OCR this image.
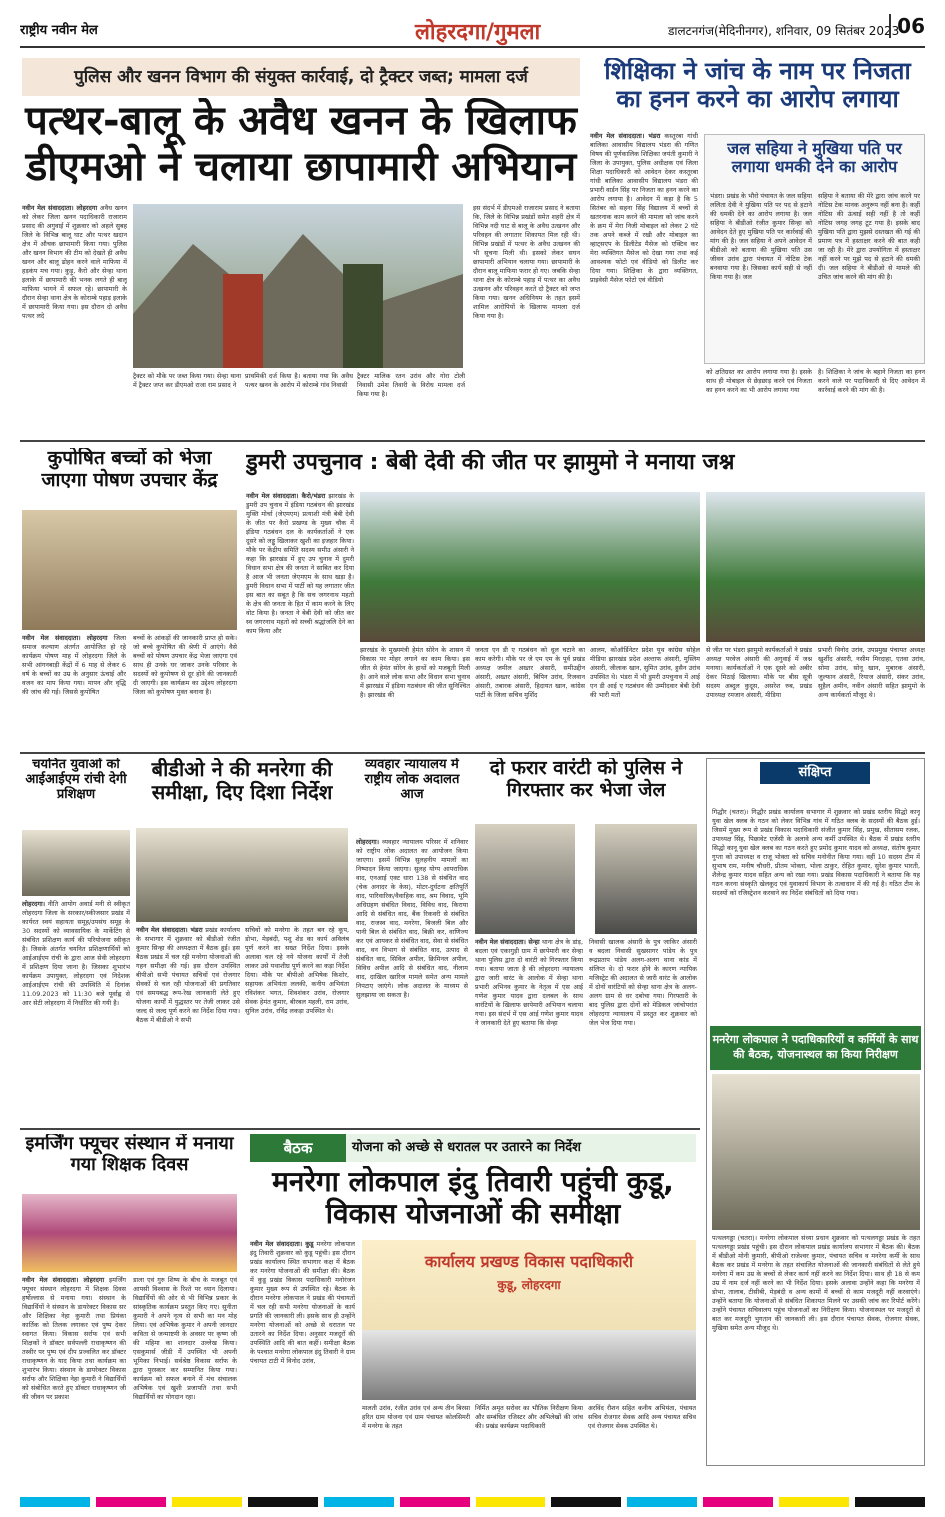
राष्ट्रीय नवीन मेल	लोहरदगा/गुमला	डालटनगंज(मेदिनीनगर), शनिवार, 09 सितंबर 2023
06
पुलिस और खनन विभाग की संयुक्त कार्रवाई, दो ट्रैक्टर जब्त; मामला दर्ज
पत्थर-बालू के अवैध खनन के खिलाफ डीएमओ ने चलाया छापामारी अभियान
नवीन मेल संवाददाता। लोहरदगा अवैध खनन को लेकर जिला खनन पदाधिकारी राजाराम प्रसाद की अगुवाई में शुक्रवार को अहले सुबह जिले के विभिन्न बालू घाट और पत्थर खदान क्षेत्र में औचक छापामारी किया गया। पुलिस और खनन विभाग की टीम को देखते ही अवैध खनन और बालू ढोहन करने वाले माफिया में हड़कंप मच गया। कुड़ू, कैरो और सेन्हा थाना इलाके में छापामारी की भनक लगते ही बालू माफिया भागने में सफल रहे। छापामारी के दौरान सेन्हा थाना क्षेत्र के कोराम्बे पहाड़ इलाके में छापामारी किया गया। इस दौरान दो अवैध पत्थर लदे
ट्रैक्टर को मौके पर जब्त किया गया। सेन्हा थाना में ट्रैक्टर जप्त कर डीएमओ राजा राम प्रसाद ने
प्राथमिकी दर्ज किया है। बताया गया कि अवैध पत्थर खनन के आरोप में कोराम्बे गांव निवासी
ट्रैक्टर मालिक रतन उरांव और गोरा टोली निवासी उमेश तिवारी के विरोध मामला दर्ज किया गया है।
इस संदर्भ में डीएमओ राजाराम प्रसाद ने बताया कि, जिले के विभिन्न प्रखंडों समेत शहरी क्षेत्र में विभिन्न नदी घाट से बालू के अवैध उत्खनन और परिवहन की लगातार शिकायत मिल रही थी। विभिन्न प्रखंडों में पत्थर के अवैध उत्खनन की भी सूचना मिली थी। इसको लेकर सघन छापामारी अभियान चलाया गया। छापामारी के दौरान बालू माफिया फरार हो गए। जबकि सेन्हा थाना क्षेत्र के कोराम्बे पहाड़ में पत्थर का अवैध उत्खनन और परिवहन करते दो ट्रैक्टर को जप्त किया गया। खनन अधिनियम के तहत इसमें शामिल आरोपियों के खिलाफ मामला दर्ज किया गया है।
शिक्षिका ने जांच के नाम पर निजता का हनन करने का आरोप लगाया
नवीन मेल संवाददाता। भंडरा कस्तूरबा गांधी बालिका आवासीय विद्यालय भंडरा की गणित विषय की पूर्णकालिक शिक्षिका जयंती कुमारी ने जिला के उपायुक्त, पुलिस अधीक्षक एवं जिला शिक्षा पदाधिकारी को आवेदन देकर कस्तूरबा गांधी बालिका आवासीय विद्यालय भंडरा की प्रभारी वार्डन सिंह पर निजता का हनन करने का आरोप लगाया है। आवेदन में कहा है कि 5 सितंबर को सहना सिंह विद्यालय में बच्चों से खतरनाक काम करने की मामला को जांच करने के क्रम में मेरा निजी मोबाइल को लेकर 2 घंटे तक अपने कब्जे में रखी और मोबाइल का व्हाट्सएप के डिलीटेड मैसेज को एक्टिव कर मेरा व्यक्तिगत मैसेज को देखा गया तथा कई आवश्यक फोटो एवं वीडियो को डिलीट कर दिया गया। शिक्षिका के द्वारा व्यक्तिगत, प्राइवेसी मैसेज फोटो एवं वीडियो
को क्षतिग्रस्त का आरोप लगाया गया है। इसके साथ ही मोबाइल से छेड़छाड़ करने एवं निजता का हनन करने का भी आरोप लगाया गया
है। शिक्षिका ने जांच के बहाने निजता का हनन करने वाले पर पदाधिकारी से दिए आवेदन में कार्रवाई करने की मांग की है।
जल सहिया ने मुखिया पति पर लगाया धमकी देने का आरोप
भंडरा। प्रखंड के भौरो पंचायत के जल सहिया ललिता देवी ने मुखिया पति पर पद से हटाने की धमकी देने का आरोप लगाया है। जल सहिया ने बीडीओ रंजीत कुमार सिन्हा को आवेदन देते हुए मुखिया पति पर कार्रवाई की मांग की है। जल सहिया ने अपने आवेदन में बीडीओ को बताया की मुखिया पति उस जीवन उरांव द्वारा पंचायत में नोटिस टेक बनवाया गया है। जिसका कार्य सही से नहीं किया गया है। जल
सहिया ने बताया की मेरे द्वारा जांच करने पर नोटिस टेक मानक अनुरूप नहीं बना है। कहीं नोटिस की ऊंचाई सही नहीं है तो कहीं नोटिस जगह जगह टूट गया है। इसके बाद मुखिया पति द्वारा मुझसे दस्तखत की गई की प्रमाण पत्र में हस्ताक्षर करने की बात कही जा रही है। मेरे द्वारा उपयोगिता में हस्ताक्षर नहीं करने पर मुझे पद से हटाने की धमकी दी। जल सहिया ने बीडीओ से मामले की उचित जांच करने की मांग की है।
कुपोषित बच्चों को भेजा जाएगा पोषण उपचार केंद्र
नवीन मेल संवाददाता। लोहरदगा जिला समाज कल्याण अंतर्गत आयोजित हो रहे कार्यक्रम पोषण माह में लोहरदगा जिले के सभी आंगनबाड़ी केंद्रों में 6 माह से लेकर 6 वर्ष के बच्चों का उम्र के अनुसार ऊंचाई और वजन का माप किया गया। मापन और वृद्धि की जांच की गई। जिससे कुपोषित
बच्चों के आंकड़ों की जानकारी प्राप्त हो सके। जो बच्चे कुपोषित की श्रेणी में आएंगे। वैसे बच्चों को पोषण उपचार केंद्र भेजा जाएगा एवं साथ ही उनके घर जाकर उनके परिवार के सदस्यों को कुपोषण से दूर होने की जानकारी दी जाएगी। इस कार्यक्रम का उद्देश्य लोहरदगा जिला को कुपोषण मुक्त बनाना है।
डुमरी उपचुनाव : बेबी देवी की जीत पर झामुमो ने मनाया जश्न
नवीन मेल संवाददाता। कैरो/भंडरा झारखंड के डुमरी उप चुनाव में इंडिया गठबंधन की झारखंड मुक्ति मोर्चा (जेएमएम) प्रत्याशी मंत्री बेबी देवी के जीत पर कैरो प्रखण्ड के मुख्य चौक में इंडिया गठबंधन दल के कार्यकर्ताओं ने एक दूसरे को लड्डू खिलाकर खुशी का इजहार किया। मौके पर केंद्रीय समिति सदस्य समीउ अंसारी ने कहा कि झारखंड में हुए उप चुनाव में दुमरी विधान सभा क्षेत्र की जनता ने साबित कर दिया है आज भी जनता जेएमएम के साथ खड़ा है। डुमरी विधान सभा में पार्टी को यह लगातार जीत इस बात का सबूत है कि सच जगरनाथ महतो के क्षेत्र की जनता के हित में काम करने के लिए वोट किया है। जनता ने बेबी देवी को जीत कर स्व जगरनाथ महतो को सच्ची श्रद्धांजलि देने का काम किया और
झारखंड के मुख्यमंत्री हेमंत सोरेन के शासन में विकास पर मोहर लगाने का काम किया। इस जीत से हेमंत सोरेन के हाथों को मजबूती मिली है। आने वाले लोक सभा और विधान सभा चुनाव में झारखंड में इंडिया गठबंधन की जीत सुनिश्चित है। झारखंड की
जनता एन डी ए गठबंधन को धूल चटाने का काम करेगी। मौके पर जे एम एम के पूर्व प्रखंड अध्यक्ष जमील अख्तर अंसारी, समीउद्दीन अंसारी, अख्तर अंसारी, बिपिन उरांव, रिजवान अंसारी, तबारक अंसारी, हिदायत खान, कांग्रेस पार्टी के जिला सचिव मुर्शिद
आलम, कोऑर्डिनेटर प्रदेश यूथ कांग्रेस सोहेल मीडिया झारखंड प्रदेश अल्ताफ अंसारी, मुस्लिम अंसारी, जीलाक खान, सुमित उरांव, हुसैन उरांव उपस्थित थे। भंडरा में भी डुमरी उपचुनाव में आई एन डी आई ए गठबंधन की उम्मीदवार बेबी देवी की भारी मतों
से जीत पर भंडरा झामुमो कार्यकर्ताओं ने प्रखंड अध्यक्ष परवेज अंसारी की अगुवाई में जश्न मनाया। कार्यकर्ताओं ने एक दूसरे को अबीर देकर मिठाई खिलाया। मौके पर बीस सूत्री सदस्य अब्दुल कुदूस, असरेश रुब, प्रखंड उपाध्यक्ष रमजान अंसारी, मीडिया
प्रभारी विनोद उरांव, उपप्रमुख पंचायत अध्यक्ष खुर्शीद अंसारी, नसीम मिरदाहा, एतवा उरांव, सोमा उरांव, सोनू खान, मुबारक अंसारी, जुल्फान अंसारी, रियाज अंसारी, संकर उरांव, सुहैल अमीन, नवीन अंसारी सहित झामुमो के अन्य कार्यकर्ता मौजूद थे।
चयनित युवाओं को आईआईएम रांची देगी प्रशिक्षण
लोहरदगा। नीति आयोग अवार्ड मनी से स्वीकृत लोहरदगा जिला के सरकार/स्कीजसार प्रखंड में कार्यरत स्वयं सहायता समूह/उपसंघ समूह के 30 सदस्यों को व्यावसायिक के मार्केटिंग से संबंधित प्रशिक्षण कार्य की परियोजना स्वीकृत है। जिसके अंतर्गत चयनित प्रशिक्षणार्थियों को आईआईएम रांची के द्वारा आज सेवी लोहरदगा में प्रशिक्षण दिया जाना है। जिसका शुभारंभ कार्यक्रम उपायुक्त, लोहरदगा एवं निदेशक आईआईएम रांची की उपस्थिति में दिनांक 11.09.2023 को 11:30 बजे पूर्वाह्न से आर सेटी लोहरदगा में निर्धारित की गयी है।
बीडीओ ने की मनरेगा की समीक्षा, दिए दिशा निर्देश
नवीन मेल संवाददाता। भंडरा प्रखंड कार्यालय के सभागार में शुक्रवार को बीडीओ रंजीत कुमार सिन्हा की अध्यक्षता में बैठक हुई। इस बैठक प्रखंड में चल रही मनरेगा योजनाओं की गहन समीक्षा की गई। इस दौरान उपस्थित बीपीओ सभी पंचायत सचिवों एवं रोजगार सेवकों से चल रही योजनाओं की प्रगतिवार एवं समयबद्ध रूप-रेख जानकारी लेते हुए योजना कार्यों में युद्धस्तर पर तेजी लाकर उसे जल्द से जल्द पूर्ण करने का निर्देश दिया गया। बैठक में बीडीओ ने सभी
सचिवों को मनरेगा के तहत बन रहे कूप, डोभा, मेड़बंदी, पशु शेड का कार्य अविलंब पूर्ण करने का सख्त निर्देश दिया। इसके अलावा चल रहे नये योजना कार्यों में तेजी लाकर उसे यथाशीघ्र पूर्ण करने का कड़ा निर्देश दिया। मौके पर बीपीओ अभिषेक किशोर, सहायक अभियंता ललकी, कनीय अभियंता रविशंकर भगत, शिवशंकर उरांव, रोजगार सेवक हेमंत कुमार, बीरबल महली, राम उरांव, सुनिल उरांव, रविंद्र लकड़ा उपस्थित थे।
व्यवहार न्यायालय में राष्ट्रीय लोक अदालत आज
लोहरदगा। व्यवहार न्यायालय परिसर में शनिवार को राष्ट्रीय लोक अदालत का आयोजन किया जाएगा। इसमें विभिन्न सुलहनीय मामलों का निष्पादन किया जाएगा। सुलह योग्य आपराधिक वाद, एनआई एक्ट धारा 138 से संबंधित वाद (चेक अनादर के केस), मोटर-दुर्घटना क्षतिपूर्ति वाद, पारिवारिक/वैवाहिक वाद, श्रम विवाद, भूमि अधिग्रहण संबंधित विवाद, विविध वाद, किराया आदि से संबंधित वाद, बैंक रिकवरी से संबंधित वाद, राजस्व वाद, मनरेगा, बिजली बिल और पानी बिल से संबंधित वाद, बिक्री कर, वाणिज्य कर एवं आयकर से संबंधित वाद, सेवा से संबंधित वाद, वन विभाग से संबंधित वाद, उत्पाद से संबंधित वाद, सिविल अपील, क्रिमिनल अपील, विविध अपील आदि से संबंधित वाद, नीलाम वाद, दाखिल खारिज मामले समेत अन्य मामले निपटाए जाएंगे। लोक अदालत के माध्यम से सुलझाया जा सकता है।
दो फरार वारंटी को पुलिस ने गिरफ्तार कर भेजा जेल
नवीन मेल संवाददाता। सेन्हा थाना क्षेत्र के डांड़, बदला एवं एकागुड़ी ग्राम में छापेमारी कर सेन्हा थाना पुलिस द्वारा दो वारंटी को गिरफ्तार किया गया। बताया जाता है की लोहरदगा न्यायालय द्वारा जारी वारंट के आलोक में सेन्हा थाना प्रभारी अभिनव कुमार के नेतृत्व में एस आई गणेश कुमार यादव द्वारा दलबल के साथ वारंटियों के खिलाफ छापेमारी अभियान चलाया गया। इस संदर्भ में एस आई गणेश कुमार यादव ने जानकारी देते हुए बताया कि सेन्हा
निवासी खालक अंसारी के पुत्र जाकिर अंसारी व बदला निवासी सुखसागर पांडेय के पुत्र रूद्रप्रताप पांडेय अलग-अलग थाना कांड में संलिप्त थे। दो फरार होने के कारण न्यायिक मजिस्ट्रेट की अदालत से जारी वारंट के आलोक में दोनों वारंटियों को सेन्हा थाना क्षेत्र के अलग-अलग ग्राम से धर दबोचा गया। गिरफ्तारी के बाद पुलिस द्वारा दोनों को मेडिकल जांचोपरांत लोहरदगा न्यायालय में प्रस्तुत कर शुक्रवार को जेल भेज दिया गया।
संक्षिप्त
गिद्धौर (चतरा)। गिद्धौर प्रखंड कार्यालय सभागार में शुक्रवार को प्रखंड स्तरीय सिद्धो कानू युवा खेल क्लब के गठन को लेकर विभिन्न गांव में गठित क्लब के सदस्यों की बैठक हुई। जिसमें मुख्य रूप से प्रखंड विकास पदाधिकारी संजीत कुमार सिंह, प्रमुख, सीतासम रजक, उपाध्यक्ष सिंह, पिछावेट एजेंसी के अलावे अन्य कर्मी उपस्थित थे। बैठक में प्रखंड स्तरीय सिद्धो कानू युवा खेल क्लब का गठन करते हुए प्रमोद कुमार यादव को अध्यक्ष, संतोष कुमार गुप्ता को उपाध्यक्ष व राजू भोक्ता को सचिव मनोनीत किया गया। वहीं 10 सदस्य टीम में सुभाष राम, मनीष चौधरी, प्रीतम भोक्ता, भोला ठाकुर, रोहित कुमार, सुरेश कुमार भारती, शैलेन्द्र कुमार यादव सहित अन्य को रखा गया। प्रखंड विकास पदाधिकारी ने बताया कि यह गठन करना संस्कृति खेलकूद एवं युवाकार्य विभाग के तत्वाधान में की गई है। गठित टीम के सदस्यों को रजिस्ट्रेशन करवाने का निर्देश संबंधितों को दिया गया।
मनरेगा लोकपाल ने पदाधिकारियों व कर्मियों के साथ की बैठक, योजनास्थल का किया निरीक्षण
पत्थलगड्डा (चतरा)। मनरेगा लोकपाल संध्या प्रधान शुक्रवार को पत्थलगड्डा प्रखंड के तहत पत्थलगड्डा प्रखंड पहुंची। इस दौरान लोकपाल प्रखंड कार्यालय सभागार में बैठक की। बैठक में बीडीओ मोनी कुमारी, बीपीओ राजेश्वर कुमार, पंचायत सचिव व मनरेगा कर्मी के साथ बैठक कर प्रखंड में मनरेगा के तहत संचालित योजनाओं की जानकारी संबंधितों से लेते हुये मनरेगा में कम उम्र के बच्चों से लेकर कार्य नहीं करने का निर्देश दिया। साथ ही 18 से कम उम्र में नाम दर्ज नहीं करने का भी निर्देश दिया। इसके अलावा उन्होंने कहा कि मनरेगा में डोभा, तालाब, टीसीबी, मेड़बंदी व अन्य कामों में बच्चों से काम मजदूरी नहीं करवाएंगे। उन्होंने बताया कि योजनाओं से संबंधित शिकायत मिलने पर उसकी जांच कर रिपोर्ट करेंगे। उन्होंने पंचायत सचिवालय पहुंच योजनाओं का निरीक्षण किया। योजनास्थल पर मजदूरों से बात कर मजदूरी भुगतान की जानकारी ली। इस दौरान पंचायत सेवक, रोजगार सेवक, मुखिया समेत अन्य मौजूद थे।
इमर्जिंग फ्यूचर संस्थान में मनाया गया शिक्षक दिवस
नवीन मेल संवाददाता। लोहरदगा इमर्जिंग फ्यूचर संस्थान लोहरदगा में शिक्षक दिवस हर्षोल्लास से मनाया गया। संस्थान के विद्यार्थियों ने संस्थान के डायरेक्टर विकास सर और शिक्षिका नेहा कुमारी तथा प्रियंका कार्तिक को तिलक लगाकर एवं पुष्प देकर स्वागत किया। विकास सर्राफ एवं सभी शिक्षकों ने डॉक्टर सर्वपल्ली राधाकृष्णन की तस्वीर पर पुष्प एवं दीप प्रज्वलित कर डॉक्टर राधाकृष्णन के याद किया तथा कार्यक्रम का शुभारंभ किया। संस्थान के डायरेक्टर विकास सर्राफ और शिक्षिका नेहा कुमारी ने विद्यार्थियों को संबोधित करते हुए डॉक्टर राधाकृष्णन जी की जीवन पर प्रकाश
डाला एवं गुरु शिष्य के बीच के मजबूत एवं आपसी विश्वास के रिश्ते पर ध्यान दिलाया। विद्यार्थियों की ओर से भी विभिन्न प्रकार के सांस्कृतिक कार्यक्रम प्रस्तुत किए गए। सुनीता कुमारी ने अपने नृत्य से सभी का मन मोह लिया। एवं अभिषेक कुमार ने अपनी जानदार कविता से जन्माष्टमी के अवसर पर कृष्ण जी की महिमा का शानदार उल्लेख किया। एसकुमार्स जीडी मेें उपस्थित भी अपनी भूमिका निभाई। सर्वश्रेष्ठ विकास सर्राफ के द्वारा पुरस्कार कर सम्मानित किया गया। कार्यक्रम को सफल बनाने में मंच संचालक अभिषेक एवं खुशी प्रजापति तथा सभी विद्यार्थियों का योगदान रहा।
बैठक	योजना को अच्छे से धरातल पर उतारने का निर्देश
मनरेगा लोकपाल इंदु तिवारी पहुंची कुडू, विकास योजनाओं की समीक्षा
नवीन मेल संवाददाता। कुडू मनरेगा लोकपाल इंदु तिवारी शुक्रवार को कुडू पहुंची। इस दौरान प्रखंड कार्यालय स्थित सभागार कक्ष में बैठक कर मनरेगा योजनाओं की समीक्षा की। बैठक में कुडू प्रखंड विकास पदाधिकारी मनोरंजन कुमार मुख्य रूप से उपस्थित रहे। बैठक के दौरान मनरेगा लोकपाल ने प्रखंड की पंचायतों में चल रही सभी मनरेगा योजनाओं के कार्य प्रगति की जानकारी ली। इसके साथ ही उन्होंने मनरेगा योजनाओं को अच्छे से धरातल पर उतारने का निर्देश दिया। अनुसार मजदूरों की उपस्थिति आदि की बात कहीं। समीक्षा बैठक के पश्चात मनरेगा लोकपाल इंदु तिवारी ने ग्राम पंचायत टाटी में विनोद उरांव,
कार्यालय प्रखण्ड विकास पदाधिकारी
कुडू, लोहरदगा
मालती उरांव, रंजीत उरांव एवं अन्य तीन बिरसा हरित ग्राम योजना एवं ग्राम पंचायत कोलसिमरी में मनरेगा के तहत
निर्मित अमृत सरोवर का भौतिक निरीक्षण किया और सम्बंधित रजिस्टर और अभिलेखों की जांच की। प्रखंड कार्यक्रम पदाधिकारी
अरविंद रौशन सहित कनीय अभियंता, पंचायत सचिव रोजगार सेवक आदि अन्य पंचायत सचिव एवं रोजगार सेवक उपस्थित थे।
